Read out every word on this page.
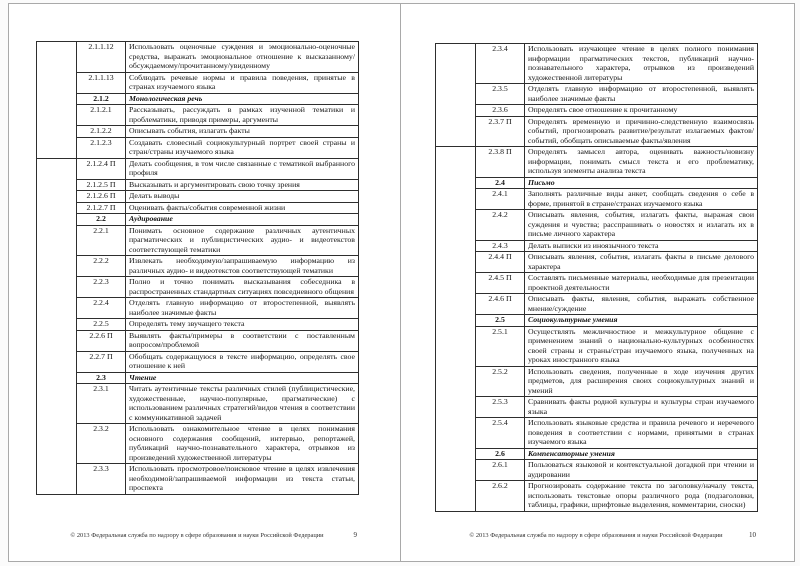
	2.1.1.12	Использовать оценочные суждения и эмоционально-оценочные средства, выражать эмоциональное отношение к высказанному/обсуждаемому/прочитанному/увиденному
	2.1.1.13	Соблюдать речевые нормы и правила поведения, принятые в странах изучаемого языка
	2.1.2	Монологическая речь
	2.1.2.1	Рассказывать, рассуждать в рамках изученной тематики и проблематики, приводя примеры, аргументы
	2.1.2.2	Описывать события, излагать факты
	2.1.2.3	Создавать словесный социокультурный портрет своей страны и стран/страны изучаемого языка
	2.1.2.4 П	Делать сообщения, в том числе связанные с тематикой выбранного профиля
	2.1.2.5 П	Высказывать и аргументировать свою точку зрения
	2.1.2.6 П	Делать выводы
	2.1.2.7 П	Оценивать факты/события современной жизни
	2.2	Аудирование
	2.2.1	Понимать основное содержание различных аутентичных прагматических и публицистических аудио- и видеотекстов соответствующей тематики
	2.2.2	Извлекать необходимую/запрашиваемую информацию из различных аудио- и видеотекстов соответствующей тематики
	2.2.3	Полно и точно понимать высказывания собеседника в распространенных стандартных ситуациях повседневного общения
	2.2.4	Отделять главную информацию от второстепенной, выявлять наиболее значимые факты
	2.2.5	Определять тему звучащего текста
	2.2.6 П	Выявлять факты/примеры в соответствии с поставленным вопросом/проблемой
	2.2.7 П	Обобщать содержащуюся в тексте информацию, определять свое отношение к ней
	2.3	Чтение
	2.3.1	Читать аутентичные тексты различных стилей (публицистические, художественные, научно-популярные, прагматические) с использованием различных стратегий/видов чтения в соответствии с коммуникативной задачей
	2.3.2	Использовать ознакомительное чтение в целях понимания основного содержания сообщений, интервью, репортажей, публикаций научно-познавательного характера, отрывков из произведений художественной литературы
	2.3.3	Использовать просмотровое/поисковое чтение в целях извлечения необходимой/запрашиваемой информации из текста статьи, проспекта
© 2013 Федеральная служба по надзору в сфере образования и науки Российской Федерации	9
	2.3.4	Использовать изучающее чтение в целях полного понимания информации прагматических текстов, публикаций научно-познавательного характера, отрывков из произведений художественной литературы
	2.3.5	Отделять главную информацию от второстепенной, выявлять наиболее значимые факты
	2.3.6	Определять свое отношение к прочитанному
	2.3.7 П	Определять временную и причинно-следственную взаимосвязь событий, прогнозировать развитие/результат излагаемых фактов/событий, обобщать описываемые факты/явления
	2.3.8 П	Определять замысел автора, оценивать важность/новизну информации, понимать смысл текста и его проблематику, используя элементы анализа текста
	2.4	Письмо
	2.4.1	Заполнять различные виды анкет, сообщать сведения о себе в форме, принятой в стране/странах изучаемого языка
	2.4.2	Описывать явления, события, излагать факты, выражая свои суждения и чувства; расспрашивать о новостях и излагать их в письме личного характера
	2.4.3	Делать выписки из иноязычного текста
	2.4.4 П	Описывать явления, события, излагать факты в письме делового характера
	2.4.5 П	Составлять письменные материалы, необходимые для презентации проектной деятельности
	2.4.6 П	Описывать факты, явления, события, выражать собственное мнение/суждение
	2.5	Социокультурные умения
	2.5.1	Осуществлять межличностное и межкультурное общение с применением знаний о национально-культурных особенностях своей страны и страны/стран изучаемого языка, полученных на уроках иностранного языка
	2.5.2	Использовать сведения, полученные в ходе изучения других предметов, для расширения своих социокультурных знаний и умений
	2.5.3	Сравнивать факты родной культуры и культуры стран изучаемого языка
	2.5.4	Использовать языковые средства и правила речевого и неречевого поведения в соответствии с нормами, принятыми в странах изучаемого языка
	2.6	Компенсаторные умения
	2.6.1	Пользоваться языковой и контекстуальной догадкой при чтении и аудировании
	2.6.2	Прогнозировать содержание текста по заголовку/началу текста, использовать текстовые опоры различного рода (подзаголовки, таблицы, графики, шрифтовые выделения, комментарии, сноски)
© 2013 Федеральная служба по надзору в сфере образования и науки Российской Федерации	10
